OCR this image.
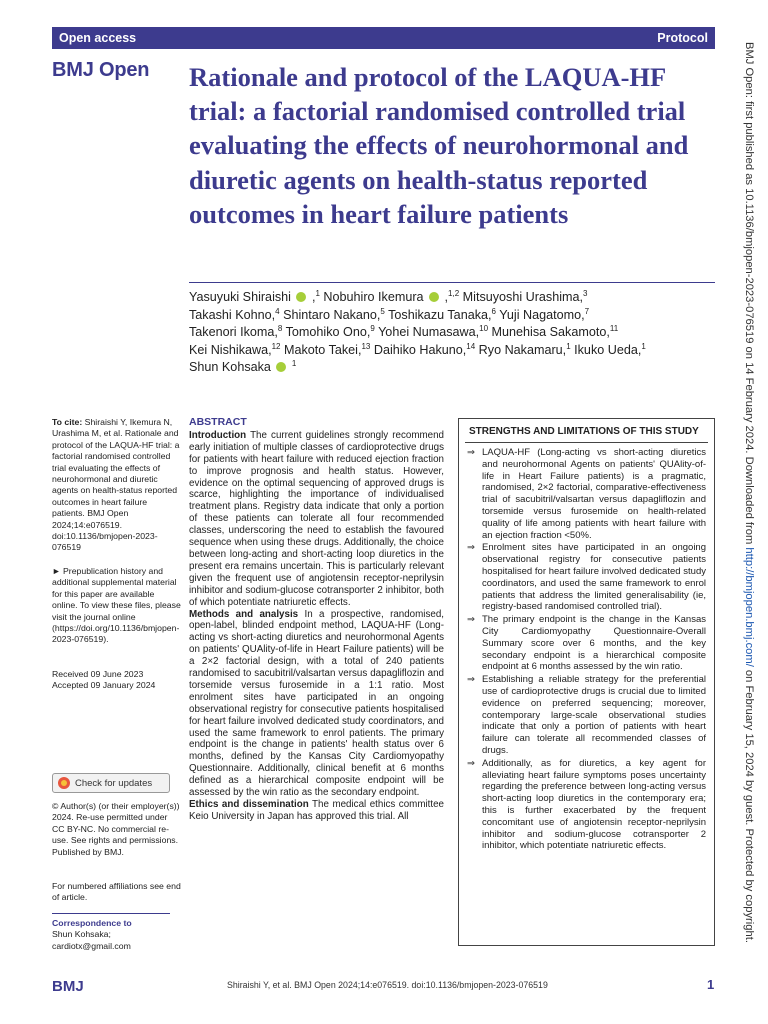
Open access	Protocol
BMJ Open Rationale and protocol of the LAQUA-HF trial: a factorial randomised controlled trial evaluating the effects of neurohormonal and diuretic agents on health-status reported outcomes in heart failure patients
Yasuyuki Shiraishi  ,$^1$ Nobuhiro Ikemura  ,$^{1,2}$ Mitsuyoshi Urashima,$^3$
Takashi Kohno,$^4$ Shintaro Nakano,$^5$ Toshikazu Tanaka,$^6$ Yuji Nagatomo,$^7$
Takenori Ikoma,$^8$ Tomohiko Ono,$^9$ Yohei Numasawa,$^{10}$ Munehisa Sakamoto,$^{11}$
Kei Nishikawa,$^{12}$ Makoto Takei,$^{13}$ Daihiko Hakuno,$^{14}$ Ryo Nakamaru,$^1$ Ikuko Ueda,$^1$
Shun Kohsaka  $^1$
To cite: Shiraishi Y, Ikemura N, Urashima M, et al. Rationale and protocol of the LAQUA-HF trial: a factorial randomised controlled trial evaluating the effects of neurohormonal and diuretic agents on health-status reported outcomes in heart failure patients. BMJ Open 2024;14:e076519. doi:10.1136/bmjopen-2023-076519
► Prepublication history and additional supplemental material for this paper are available online. To view these files, please visit the journal online (https://doi.org/10.1136/bmjopen-2023-076519).
Received 09 June 2023
Accepted 09 January 2024
Check for updates
© Author(s) (or their employer(s)) 2024. Re-use permitted under CC BY-NC. No commercial re-use. See rights and permissions. Published by BMJ.
For numbered affiliations see end of article.
Correspondence to
Shun Kohsaka;
cardiotx@gmail.com
ABSTRACT

Introduction The current guidelines strongly recommend early initiation of multiple classes of cardioprotective drugs for patients with heart failure with reduced ejection fraction to improve prognosis and health status. However, evidence on the optimal sequencing of approved drugs is scarce, highlighting the importance of individualised treatment plans. Registry data indicate that only a portion of these patients can tolerate all four recommended classes, underscoring the need to establish the favoured sequence when using these drugs. Additionally, the choice between long-acting and short-acting loop diuretics in the present era remains uncertain. This is particularly relevant given the frequent use of angiotensin receptor-neprilysin inhibitor and sodium-glucose cotransporter 2 inhibitor, both of which potentiate natriuretic effects.

Methods and analysis In a prospective, randomised, open-label, blinded endpoint method, LAQUA-HF (Long-acting vs short-acting diuretics and neurohormonal Agents on patients' QUAlity-of-life in Heart Failure patients) will be a 2×2 factorial design, with a total of 240 patients randomised to sacubitril/valsartan versus dapagliflozin and torsemide versus furosemide in a 1:1 ratio. Most enrolment sites have participated in an ongoing observational registry for consecutive patients hospitalised for heart failure involved dedicated study coordinators, and used the same framework to enrol patients. The primary endpoint is the change in patients' health status over 6 months, defined by the Kansas City Cardiomyopathy Questionnaire. Additionally, clinical benefit at 6 months defined as a hierarchical composite endpoint will be assessed by the win ratio as the secondary endpoint.

Ethics and dissemination The medical ethics committee Keio University in Japan has approved this trial. All

STRENGTHS AND LIMITATIONS OF THIS STUDY
⇒ LAQUA-HF (Long-acting vs short-acting diuretics and neurohormonal Agents on patients' QUAlity-of-life in Heart Failure patients) is a pragmatic, randomised, 2×2 factorial, comparative-effectiveness trial of sacubitril/valsartan versus dapagliflozin and torsemide versus furosemide on health-related quality of life among patients with heart failure with an ejection fraction <50%.
⇒ Enrolment sites have participated in an ongoing observational registry for consecutive patients hospitalised for heart failure involved dedicated study coordinators, and used the same framework to enrol patients that address the limited generalisability (ie, registry-based randomised controlled trial).
⇒ The primary endpoint is the change in the Kansas City Cardiomyopathy Questionnaire-Overall Summary score over 6 months, and the key secondary endpoint is a hierarchical composite endpoint at 6 months assessed by the win ratio.
⇒ Establishing a reliable strategy for the preferential use of cardioprotective drugs is crucial due to limited evidence on preferred sequencing; moreover, contemporary large-scale observational studies indicate that only a portion of patients with heart failure can tolerate all recommended classes of drugs.
⇒ Additionally, as for diuretics, a key agent for alleviating heart failure symptoms poses uncertainty regarding the preference between long-acting versus short-acting loop diuretics in the contemporary era; this is further exacerbated by the frequent concomitant use of angiotensin receptor-neprilysin inhibitor and sodium-glucose cotransporter 2 inhibitor, which potentiate natriuretic effects.
BMJ Open: first published as 10.1136/bmjopen-2023-076519 on 14 February 2024. Downloaded from http://bmjopen.bmj.com/ on February 15, 2024 by guest. Protected by copyright.
BMJ	Shiraishi Y, et al. BMJ Open 2024;14:e076519. doi:10.1136/bmjopen-2023-076519	1
